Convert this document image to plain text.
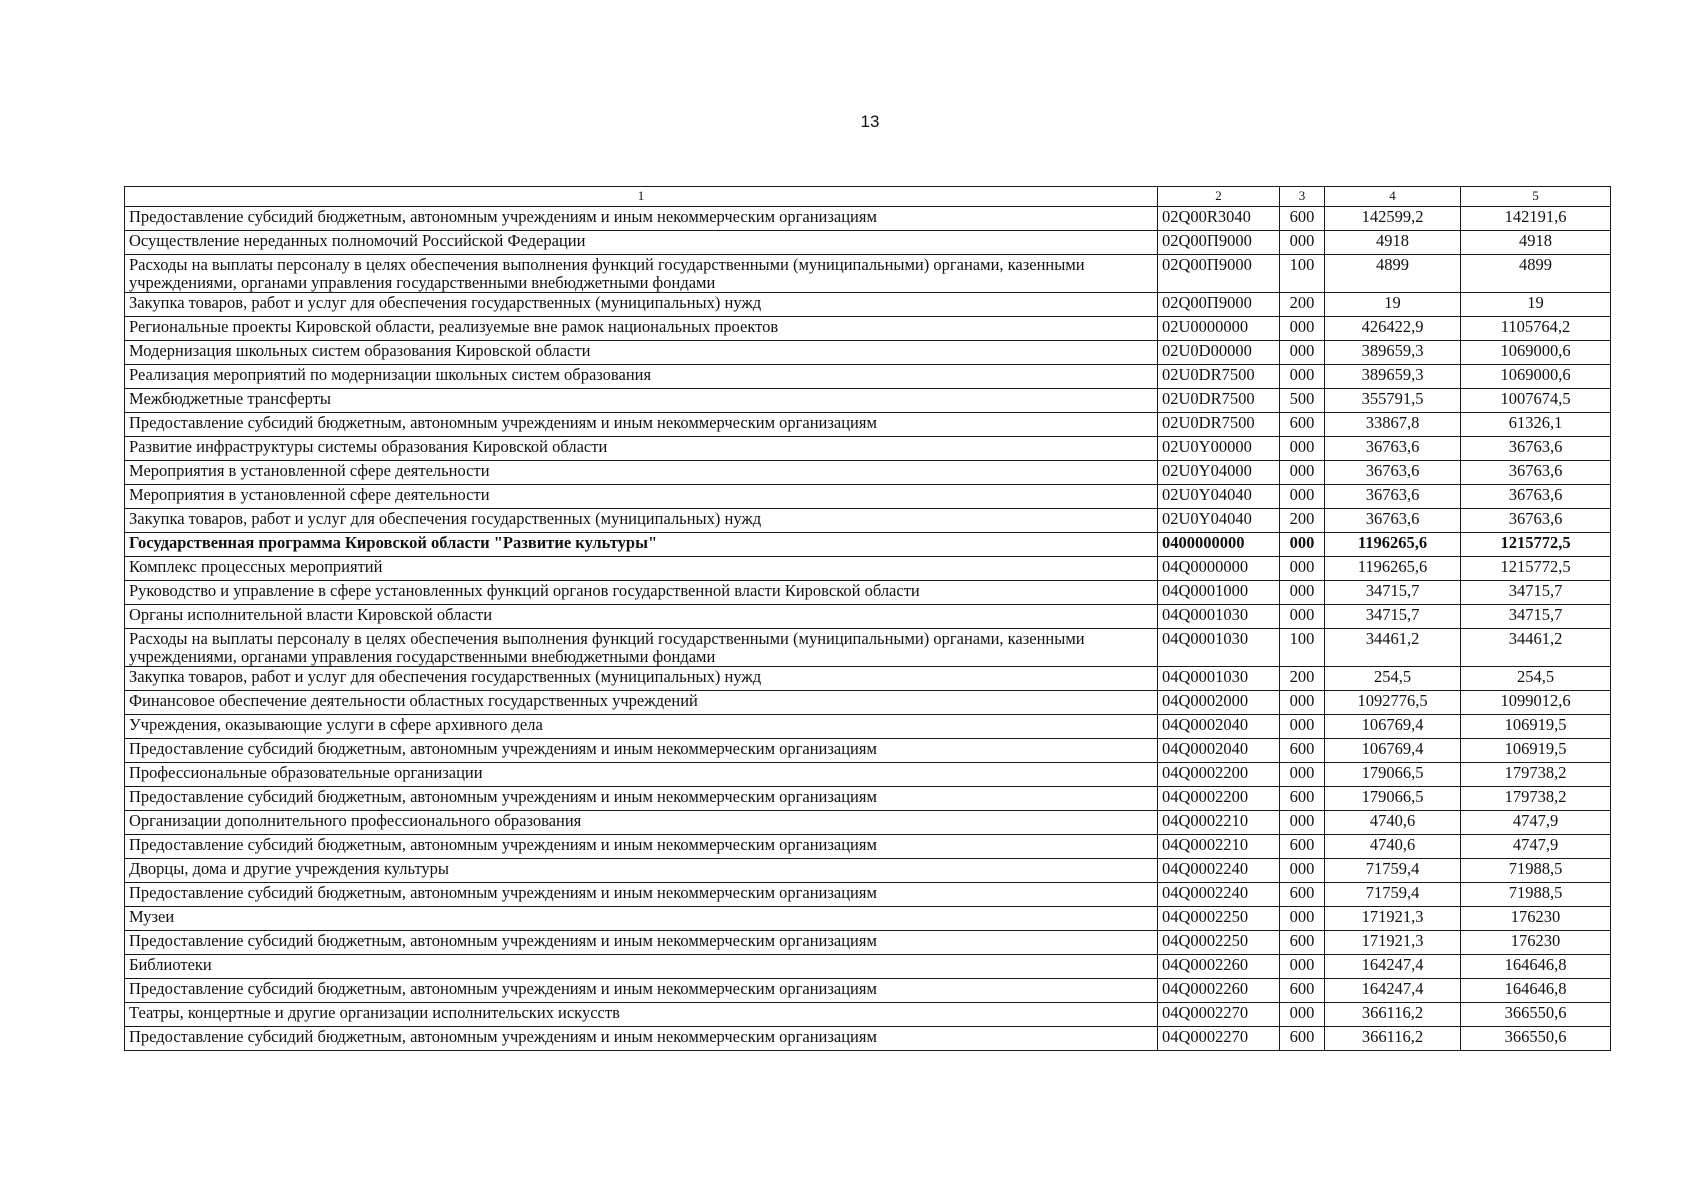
13
1	2	3	4	5
Предоставление субсидий бюджетным, автономным учреждениям и иным некоммерческим организациям	02Q00R3040	600	142599,2	142191,6
Осуществление нереданных полномочий Российской Федерации	02Q00П9000	000	4918	4918
Расходы на выплаты персоналу в целях обеспечения выполнения функций государственными (муниципальными) органами, казенными учреждениями, органами управления государственными внебюджетными фондами	02Q00П9000	100	4899	4899
Закупка товаров, работ и услуг для обеспечения государственных (муниципальных) нужд	02Q00П9000	200	19	19
Региональные проекты Кировской области, реализуемые вне рамок национальных проектов	02U0000000	000	426422,9	1105764,2
Модернизация школьных систем образования Кировской области	02U0D00000	000	389659,3	1069000,6
Реализация мероприятий по модернизации школьных систем образования	02U0DR7500	000	389659,3	1069000,6
Межбюджетные трансферты	02U0DR7500	500	355791,5	1007674,5
Предоставление субсидий бюджетным, автономным учреждениям и иным некоммерческим организациям	02U0DR7500	600	33867,8	61326,1
Развитие инфраструктуры системы образования Кировской области	02U0Y00000	000	36763,6	36763,6
Мероприятия в установленной сфере деятельности	02U0Y04000	000	36763,6	36763,6
Мероприятия в установленной сфере деятельности	02U0Y04040	000	36763,6	36763,6
Закупка товаров, работ и услуг для обеспечения государственных (муниципальных) нужд	02U0Y04040	200	36763,6	36763,6
Государственная программа Кировской области "Развитие культуры"	0400000000	000	1196265,6	1215772,5
Комплекс процессных мероприятий	04Q0000000	000	1196265,6	1215772,5
Руководство и управление в сфере установленных функций органов государственной власти Кировской области	04Q0001000	000	34715,7	34715,7
Органы исполнительной власти Кировской области	04Q0001030	000	34715,7	34715,7
Расходы на выплаты персоналу в целях обеспечения выполнения функций государственными (муниципальными) органами, казенными учреждениями, органами управления государственными внебюджетными фондами	04Q0001030	100	34461,2	34461,2
Закупка товаров, работ и услуг для обеспечения государственных (муниципальных) нужд	04Q0001030	200	254,5	254,5
Финансовое обеспечение деятельности областных государственных учреждений	04Q0002000	000	1092776,5	1099012,6
Учреждения, оказывающие услуги в сфере архивного дела	04Q0002040	000	106769,4	106919,5
Предоставление субсидий бюджетным, автономным учреждениям и иным некоммерческим организациям	04Q0002040	600	106769,4	106919,5
Профессиональные образовательные организации	04Q0002200	000	179066,5	179738,2
Предоставление субсидий бюджетным, автономным учреждениям и иным некоммерческим организациям	04Q0002200	600	179066,5	179738,2
Организации дополнительного профессионального образования	04Q0002210	000	4740,6	4747,9
Предоставление субсидий бюджетным, автономным учреждениям и иным некоммерческим организациям	04Q0002210	600	4740,6	4747,9
Дворцы, дома и другие учреждения культуры	04Q0002240	000	71759,4	71988,5
Предоставление субсидий бюджетным, автономным учреждениям и иным некоммерческим организациям	04Q0002240	600	71759,4	71988,5
Музеи	04Q0002250	000	171921,3	176230
Предоставление субсидий бюджетным, автономным учреждениям и иным некоммерческим организациям	04Q0002250	600	171921,3	176230
Библиотеки	04Q0002260	000	164247,4	164646,8
Предоставление субсидий бюджетным, автономным учреждениям и иным некоммерческим организациям	04Q0002260	600	164247,4	164646,8
Театры, концертные и другие организации исполнительских искусств	04Q0002270	000	366116,2	366550,6
Предоставление субсидий бюджетным, автономным учреждениям и иным некоммерческим организациям	04Q0002270	600	366116,2	366550,6
